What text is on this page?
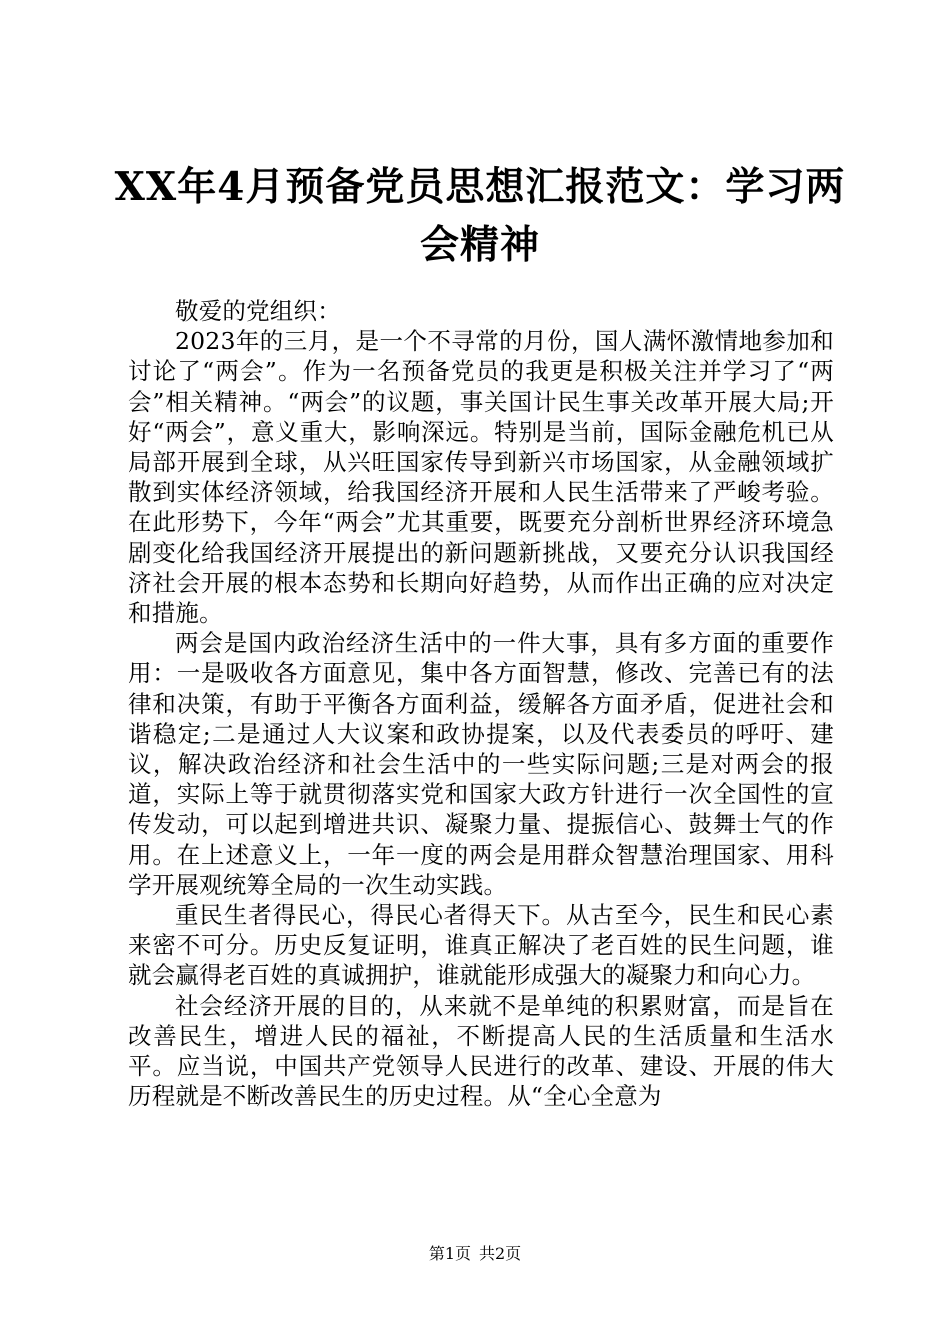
XX年4月预备党员思想汇报范文：学习两会精神

敬爱的党组织：

2023年的三月，是一个不寻常的月份，国人满怀激情地参加和讨论了“两会”。作为一名预备党员的我更是积极关注并学习了“两会”相关精神。“两会”的议题，事关国计民生事关改革开展大局;开好“两会”，意义重大，影响深远。特别是当前，国际金融危机已从局部开展到全球，从兴旺国家传导到新兴市场国家，从金融领域扩散到实体经济领域，给我国经济开展和人民生活带来了严峻考验。在此形势下，今年“两会”尤其重要，既要充分剖析世界经济环境急剧变化给我国经济开展提出的新问题新挑战，又要充分认识我国经济社会开展的根本态势和长期向好趋势，从而作出正确的应对决定和措施。

两会是国内政治经济生活中的一件大事，具有多方面的重要作用：一是吸收各方面意见，集中各方面智慧，修改、完善已有的法律和决策，有助于平衡各方面利益，缓解各方面矛盾，促进社会和谐稳定;二是通过人大议案和政协提案，以及代表委员的呼吁、建议，解决政治经济和社会生活中的一些实际问题;三是对两会的报道，实际上等于就贯彻落实党和国家大政方针进行一次全国性的宣传发动，可以起到增进共识、凝聚力量、提振信心、鼓舞士气的作用。在上述意义上，一年一度的两会是用群众智慧治理国家、用科学开展观统筹全局的一次生动实践。

重民生者得民心，得民心者得天下。从古至今，民生和民心素来密不可分。历史反复证明，谁真正解决了老百姓的民生问题，谁就会赢得老百姓的真诚拥护，谁就能形成强大的凝聚力和向心力。

社会经济开展的目的，从来就不是单纯的积累财富，而是旨在改善民生，增进人民的福祉，不断提高人民的生活质量和生活水平。应当说，中国共产党领导人民进行的改革、建设、开展的伟大历程就是不断改善民生的历史过程。从“全心全意为

第1页 共2页
